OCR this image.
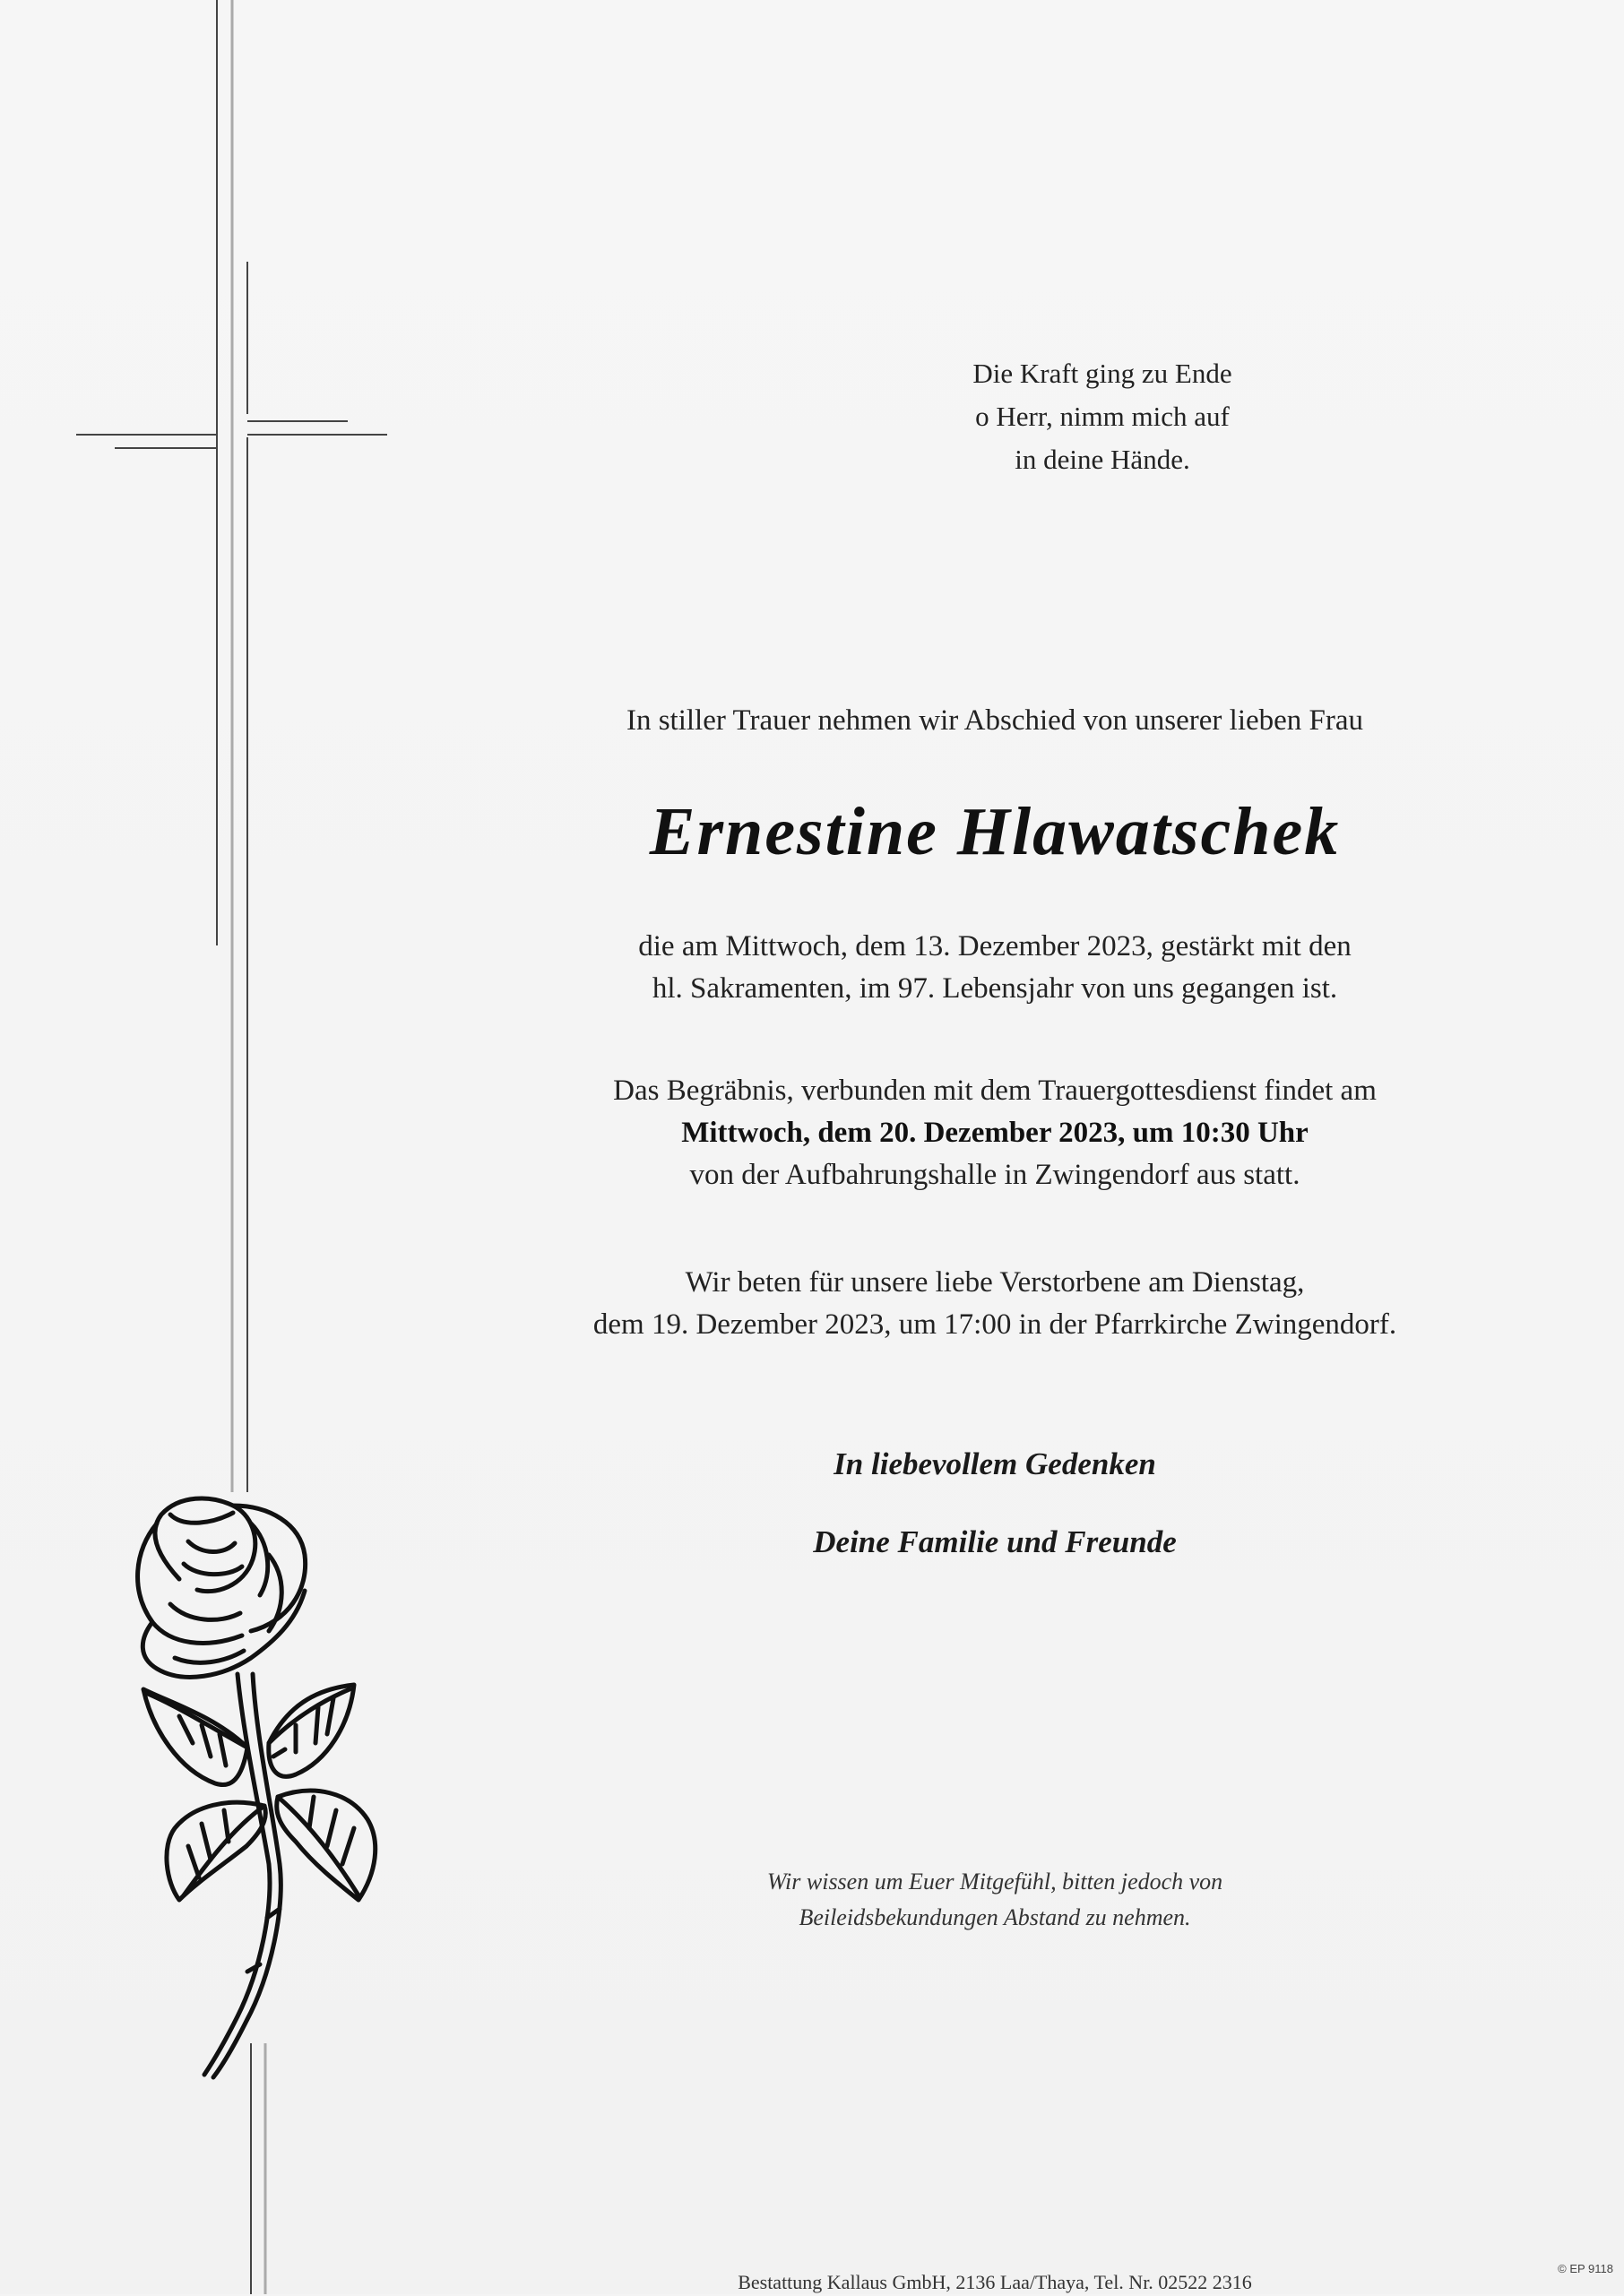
Die Kraft ging zu Ende
o Herr, nimm mich auf
in deine Hände.
In stiller Trauer nehmen wir Abschied von unserer lieben Frau
Ernestine Hlawatschek
die am Mittwoch, dem 13. Dezember 2023, gestärkt mit den
hl. Sakramenten, im 97. Lebensjahr von uns gegangen ist.
Das Begräbnis, verbunden mit dem Trauergottesdienst findet am
Mittwoch, dem 20. Dezember 2023, um 10:30 Uhr
von der Aufbahrungshalle in Zwingendorf aus statt.
Wir beten für unsere liebe Verstorbene am Dienstag,
dem 19. Dezember 2023, um 17:00 in der Pfarrkirche Zwingendorf.
In liebevollem Gedenken
Deine Familie und Freunde
Wir wissen um Euer Mitgefühl, bitten jedoch von
Beileidsbekundungen Abstand zu nehmen.
Bestattung Kallaus GmbH, 2136 Laa/Thaya, Tel. Nr. 02522 2316
© EP 9118
